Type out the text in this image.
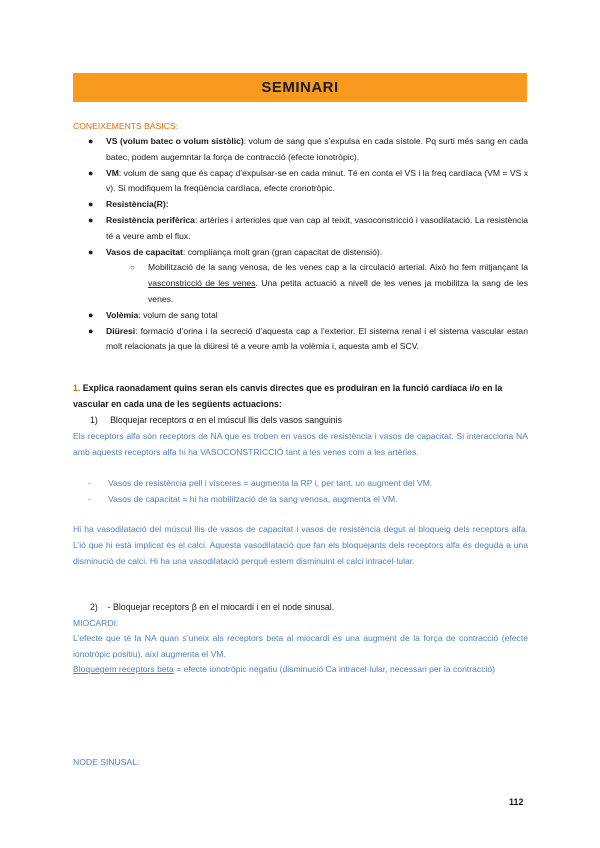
SEMINARI
CONEIXEMENTS BÀSICS:
● VS (volum batec o volum sistòlic): volum de sang que s’expulsa en cada sístole. Pq surti més sang en cada batec, podem augemntar la força de contracció (efecte ionotròpic).
● VM: volum de sang que és capaç d’expulsar-se en cada minut. Té en conta el VS i la freq cardíaca (VM = VS x v). Si modifiquem la freqüència cardíaca, efecte cronotròpic.
● Resistència(R):
● Resistència perifèrica: artèries i arterioles que van cap al teixit, vasoconstricció i vasodilatació. La resistència té a veure amb el flux.
● Vasos de capacitat: compliança molt gran (gran capacitat de distensió).
○ Mobilització de la sang venosa, de les venes cap a la circulació arterial. Això ho fem mitjançant la vasconstricció de les venes. Una petita actuació a nivell de les venes ja mobilitza la sang de les venes.
● Volèmia: volum de sang total
● Diüresi: formació d’orina i la secreció d’aquesta cap a l’exterior. El sistema renal i el sistema vascular estan molt relacionats ja que la diüresi té a veure amb la volèmia i, aquesta amb el SCV.
1. Explica raonadament quins seran els canvis directes que es produiran en la funció cardíaca i/o en la vascular en cada una de les següents actuacions:
1) Bloquejar receptors α en el múscul llis dels vasos sanguinis
Els receptors alfa són receptors de NA que es troben en vasos de resistència i vasos de capacitat. Si interacciona NA amb aquests receptors alfa hi ha VASOCONSTRICCIÓ tant a les venes com a les artèries.
- Vasos de resistència pell i vísceres = augmenta la RP i, per tant, un augment del VM.
- Vasos de capacitat = hi ha mobilització de la sang venosa, augmenta el VM.
Hi ha vasodilatació del múscul llis de vasos de capacitat i vasos de resistència degut al bloqueig dels receptors alfa. L’ió que hi està implicat és el calci. Aquesta vasodilatació que fan els bloquejants dels receptors alfa és deguda a una disminució de calci. Hi ha una vasodilatació perquè estem disminuint el calci intracel·lular.
2) - Bloquejar receptors β en el miocardi i en el node sinusal.
MIOCARDI:
L’efecte que té la NA quan s’uneix als receptors beta al miocardi és una augment de la força de contracció (efecte ionotròpic positiu), així augmenta el VM.
Bloquegem receptors beta = efecte ionotròpic negatiu (disminució Ca intracel·lular, necessari per la contracció)
NODE SINUSAL:
112
